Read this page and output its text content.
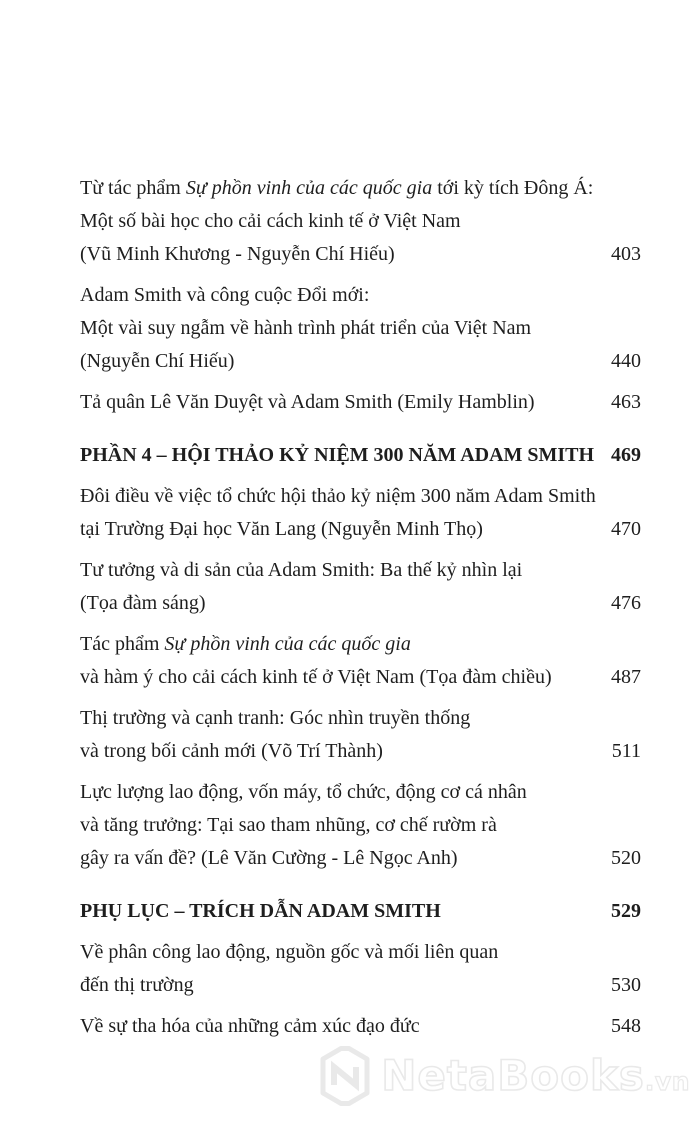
Từ tác phẩm Sự phồn vinh của các quốc gia tới kỳ tích Đông Á:
Một số bài học cho cải cách kinh tế ở Việt Nam
(Vũ Minh Khương - Nguyễn Chí Hiếu)	403
Adam Smith và công cuộc Đổi mới:
Một vài suy ngẫm về hành trình phát triển của Việt Nam
(Nguyễn Chí Hiếu)	440
Tả quân Lê Văn Duyệt và Adam Smith (Emily Hamblin)	463
PHẦN 4 – HỘI THẢO KỶ NIỆM 300 NĂM ADAM SMITH 469
Đôi điều về việc tổ chức hội thảo kỷ niệm 300 năm Adam Smith
tại Trường Đại học Văn Lang (Nguyễn Minh Thọ)	470
Tư tưởng và di sản của Adam Smith: Ba thế kỷ nhìn lại
(Tọa đàm sáng)	476
Tác phẩm Sự phồn vinh của các quốc gia
và hàm ý cho cải cách kinh tế ở Việt Nam (Tọa đàm chiều)	487
Thị trường và cạnh tranh: Góc nhìn truyền thống
và trong bối cảnh mới (Võ Trí Thành)	511
Lực lượng lao động, vốn máy, tổ chức, động cơ cá nhân
và tăng trưởng: Tại sao tham nhũng, cơ chế rườm rà
gây ra vấn đề? (Lê Văn Cường - Lê Ngọc Anh)	520
PHỤ LỤC – TRÍCH DẪN ADAM SMITH	529
Về phân công lao động, nguồn gốc và mối liên quan
đến thị trường	530
Về sự tha hóa của những cảm xúc đạo đức	548
NetaBooks.vn
